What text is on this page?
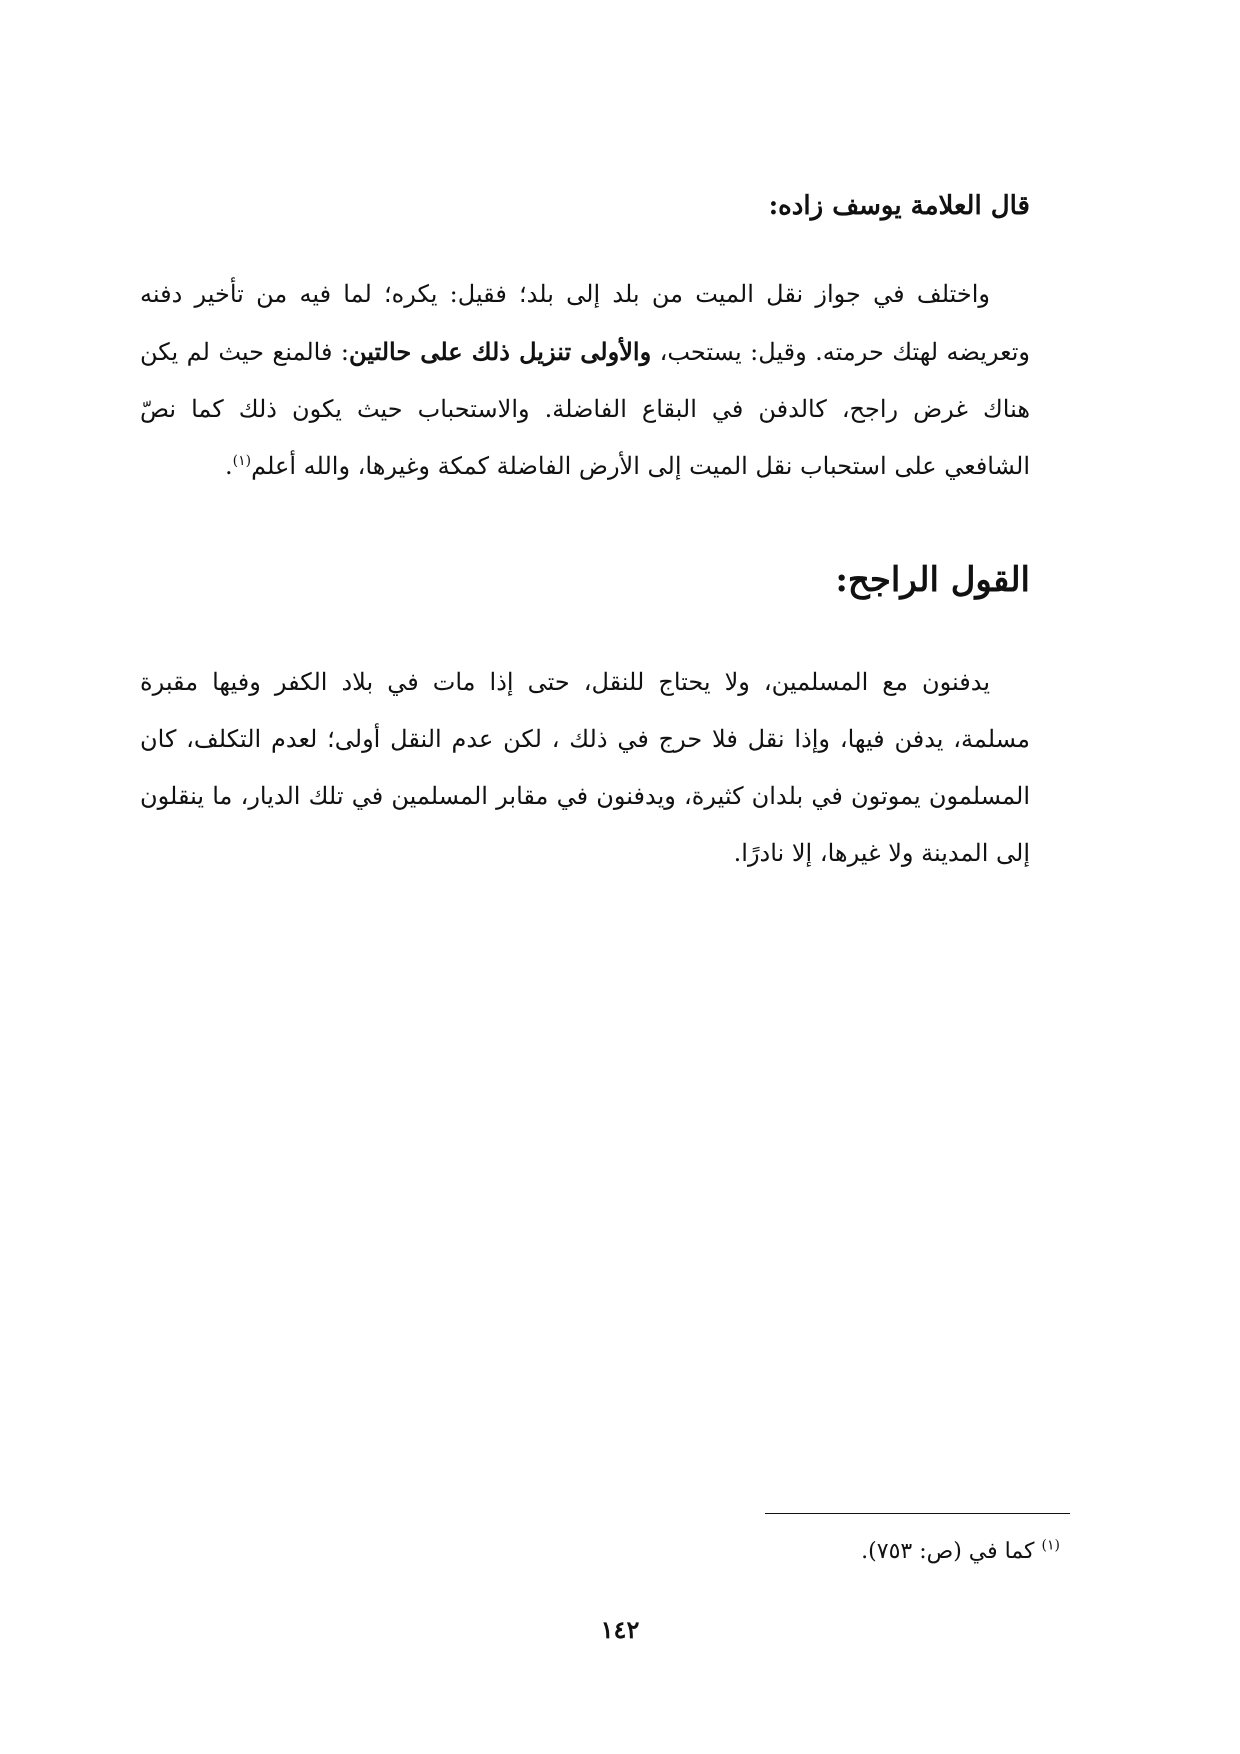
قال العلامة يوسف زاده:

واختلف في جواز نقل الميت من بلد إلى بلد؛ فقيل: يكره؛ لما فيه من تأخير دفنه وتعريضه لهتك حرمته. وقيل: يستحب، والأولى تنزيل ذلك على حالتين: فالمنع حيث لم يكن هناك غرض راجح، كالدفن في البقاع الفاضلة. والاستحباب حيث يكون ذلك كما نصّ الشافعي على استحباب نقل الميت إلى الأرض الفاضلة كمكة وغيرها، والله أعلم$^{(١)}$.

القول الراجح:

يدفنون مع المسلمين، ولا يحتاج للنقل، حتى إذا مات في بلاد الكفر وفيها مقبرة مسلمة، يدفن فيها، وإذا نقل فلا حرج في ذلك ، لكن عدم النقل أولى؛ لعدم التكلف، كان المسلمون يموتون في بلدان كثيرة، ويدفنون في مقابر المسلمين في تلك الديار، ما ينقلون إلى المدينة ولا غيرها، إلا نادرًا.

$^{(١)}$ كما في (ص: ٧٥٣).
١٤٢
